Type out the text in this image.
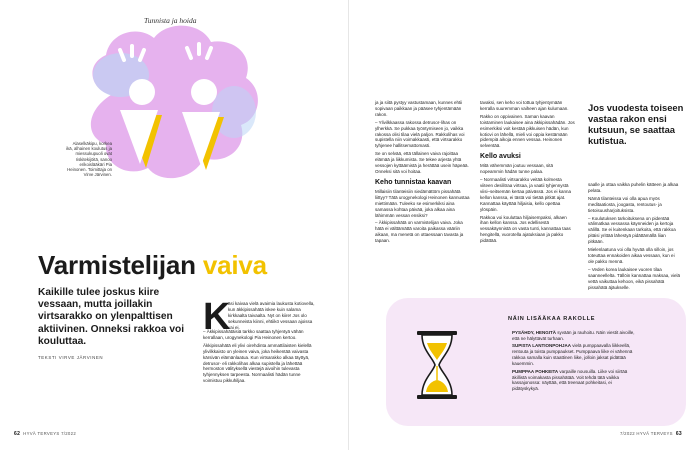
Tunnista ja hoida
Alaselkäkipu, korkea ikä, alhainen koulutus ja miessukupuoli ovat riskitekijöitä, sanoo erikoislääkäri Pia Heinonen. Toimittaja on Virve Järvinen.
Varmistelijan vaiva
Kaikille tulee joskus kiire vessaan, mutta joillakin virtsarakko on ylenpalttisen aktiivinen. Onneksi rakkoa voi kouluttaa.
TEKSTI VIRVE JÄRVINEN
K
äsi kaivaa vielä avaimia laukusta kotiovella, kun äkkipissahätä iskee kuin salama kirkkaalta taivaalta. Nyt on kiire! Jos olo sekunneista kiinni, ehtiikö vessaan ajoissa vai ei.

– Äkkipissahätäisiä tarkko saattaa tyhjentyä vähän kerrallaan, urogynekologi Pia Heinonen kertoo.

Äkkipissahätä eli ylivi oirehdinta ammattilaisten kielellä ylivilkkaisto on yleinen vaiva, joka heikentää vaivasta kärsivän elämänlaatua. Kun virtsarakko alkaa täyttyä, detrusor- eli rakkolihas alkaa supistella ja lähettää hermoston välityksellä viestejä aivoihin tulevasta tyhjennyksen tarpeesta. Normaalisti hädän tunne voimistuu pikkuhiljaa.

ja ja siitä pystyy vastustamaan, kunnes ehtii sopivaan paikkaan ja pääsee tyhjentämään rakon.

– Ylivilkkaassa rakossa detrusor-lihas on ylherkkä. Se pukkaa työntymiseen jo, vaikka rakossa olisi tilaa vielä paljon. Rakkolihas voi supistella niin voimakkaasti, että virtsarakko tyhjenee hallitsemattomasti.

Se on selvää, että tällainen vaiva rajoittaa elämää ja liikkumista. Se tekee arjesta yhtä vessojen kyttäämistä ja herättää usein häpeää. Onneksi sitä voi hoitaa.

Keho tunnistaa kaavan

Millaisiin tilanteisiin siedämättöm pissahätä liittyy? Tätä urogynekologi Heinonen kannustaa miettimään. Tuleeko se esimerkiksi aina samassa kohtaa päivää, joka alkaa aina lähimmän vessan ensiksi?

– Äkkipissahätä on varmistelijan vaiva. Joka hätä ei välttämättä varoita paikassa vääriin aikaan, ma menetä on ottaessaan tavasta ja tapaan.

tavaksi, sen keho voi tottua tyhjentymään kerralla suuremman vaiheen ajan kulumaan.

Rakko on oppivainen. Saman kaavan toistaminen laukaisee aina äkkipissahädän. Jos esimerkiksi voit kestää pikkuisen hädän, kun kotiovi on lähellä, mieli voi oppia kestämään pidempiä aikoja ennen vessaa. Heinonen selventää.

Kello avuksi

Mitä vähemmän joutuu vessaan, sitä nopeammin hädän tunne palaa.

– Normaalisti virtsarakko veitää kolmesta viiteen desilitraa virtsaa, ja vaatii tyhjennystä viisi–seitsemän kertaa päivässä. Jos ei kanna kellon kanssa, ei tästä voi tietää pitkät ajat. Kannattaa käyttää hiljaisia, kello opettaa ylöspäin.

Rakkoa voi kouluttaa hiljaisempaksi, alkaen ihan kellon kanssa. Jos edellisestä vessakäynnistä on vasta tunti, kannattaa taas hengitellä, vuorotella ajatuksiaan ja pakko pidättää.

Jos vuodesta toiseen vastaa rakon ensi kutsuun, se saattaa kutistua.

saalle ja ottaa vaikka puhelin kätteen ja alkaa pelata.

Nämä tilanteissa voi olla apua myös meditaatiosta, joogasta, rentoutus- ja tietoisuusharjoituksista.

– Koulutuksen tarkoituksena on pidentää välimatkaa vessassa käynneiden ja kertoja välillä. Se ei kuitenkaan tarkoita, että rakkoa pitäisi yrittää lähestyä pidättämällä liian pitkään.

Mielenlaatuna voi olla hyvää olla silloin, jos toteuttaa ennakoiden aikaa vessaan, kun ei ole pakko mennä.

– Veden korea laukaisee vuoren tilaa saanneellelta. Tällöin kannattaa maksaa, vielä vettä vaikuttaa kehoon, eikä pissahätä pissahätä äjäukselle.

NÄIN LISÄÄKAA RAKOLLE

PYSÄHDY, HENGITÄ syvään ja rauhoitu. Näin viestit aivoille, että ne hälyttävät turhaan.

SUPISTA LANTIONPOHJAA vielä pumppaavalla liikkeellä, rentouta ja toista pumppaukset. Pumppaava liike ei vähennä rakkoa samalla kuin staattinen liike, jolloin jaksat pidättää kauemmin.

PUMPPAA POHKEITA varpaille nousuilla. Liike voi siirtää äkillistä voimakasta pissahätää. Voit tehdä tätä vaikka kassajonossa: näyttää, että treenaat pohkeitasi, ei pidätyskykyä.

62 HYVÄ TERVEYS 7/2022	7/2022 HYVÄ TERVEYS 63
